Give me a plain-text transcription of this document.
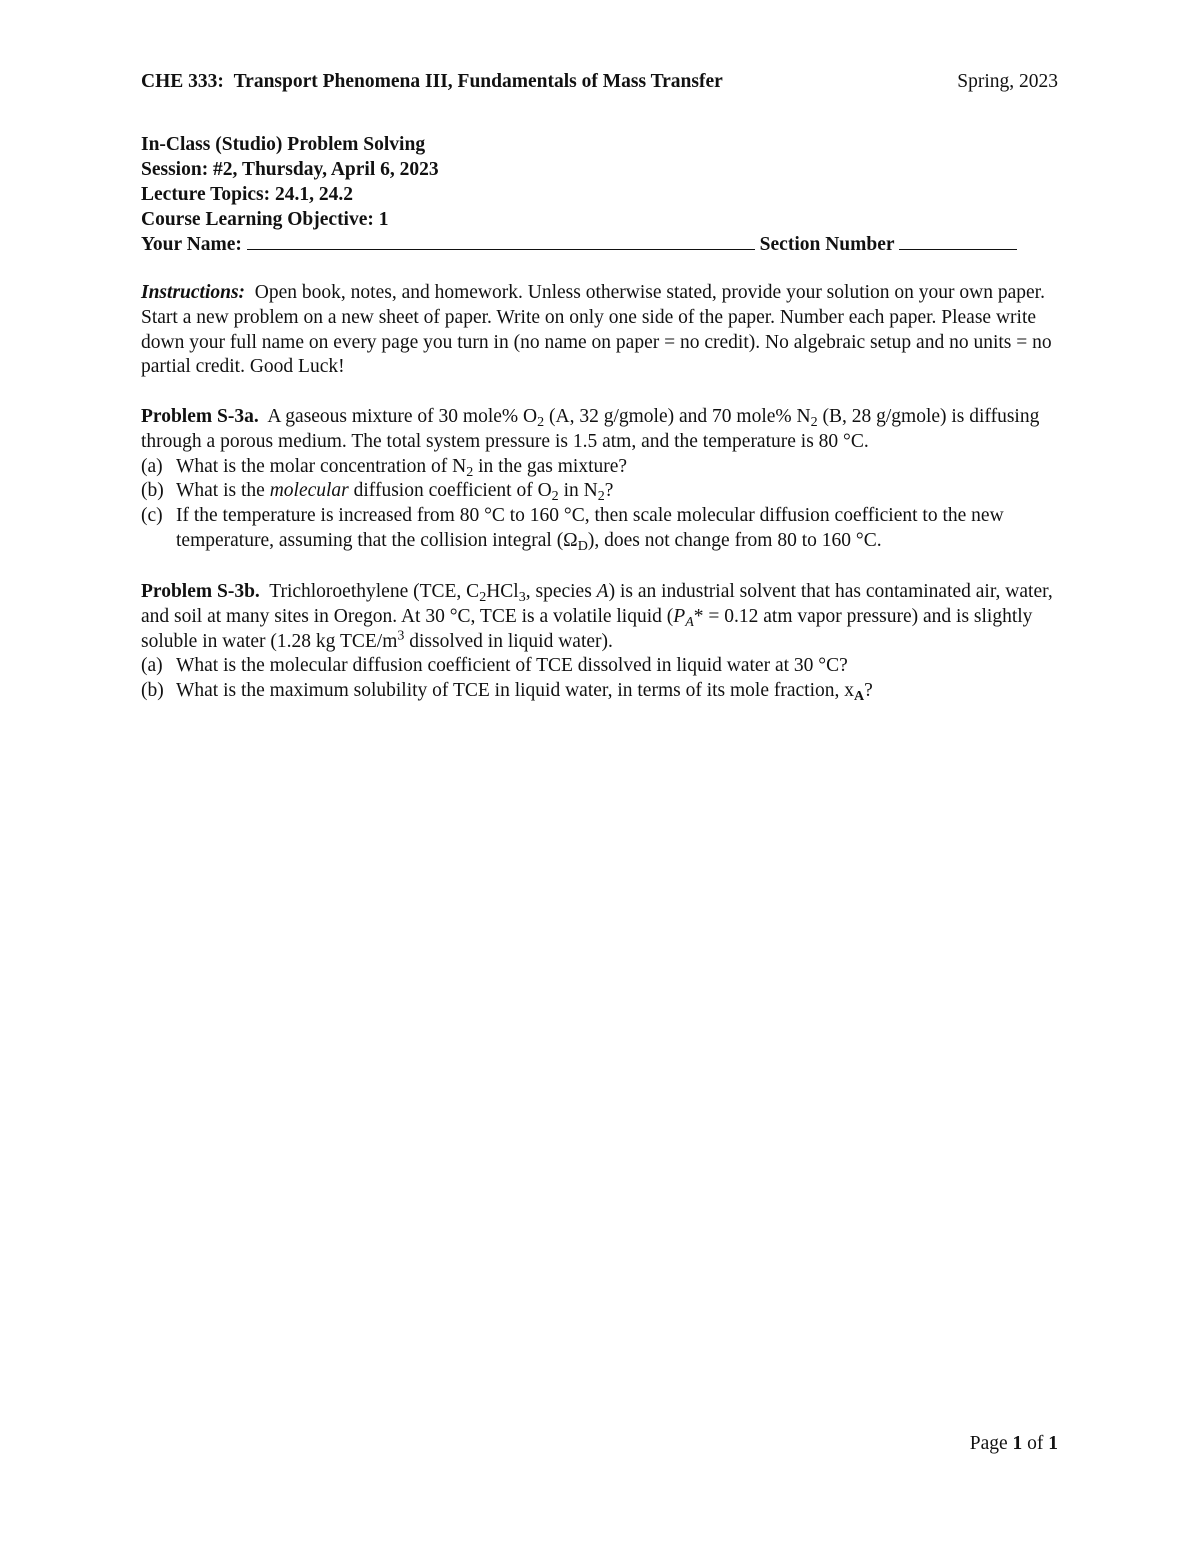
CHE 333: Transport Phenomena III, Fundamentals of Mass Transfer	Spring, 2023
In-Class (Studio) Problem Solving
Session: #2, Thursday, April 6, 2023
Lecture Topics: 24.1, 24.2
Course Learning Objective: 1
Your Name:	Section Number

Instructions: Open book, notes, and homework. Unless otherwise stated, provide your solution on your own paper. Start a new problem on a new sheet of paper. Write on only one side of the paper. Number each paper. Please write down your full name on every page you turn in (no name on paper = no credit). No algebraic setup and no units = no partial credit. Good Luck!

Problem S-3a. A gaseous mixture of 30 mole% $O_2$ (A, 32 g/gmole) and 70 mole% $N_2$ (B, 28 g/gmole) is diffusing through a porous medium. The total system pressure is 1.5 atm, and the temperature is 80 °C.

(a) What is the molar concentration of $N_2$ in the gas mixture?
(b) What is the molecular diffusion coefficient of $O_2$ in $N_2$?
(c) If the temperature is increased from 80 °C to 160 °C, then scale molecular diffusion coefficient to the new temperature, assuming that the collision integral $(\Omega_D)$, does not change from 80 to 160 °C.

Problem S-3b. Trichloroethylene (TCE, $C_2HCl_3$, species A) is an industrial solvent that has contaminated air, water, and soil at many sites in Oregon. At 30 °C, TCE is a volatile liquid ($P_A* = 0.12$ atm vapor pressure) and is slightly soluble in water (1.28 kg TCE/$m^3$ dissolved in liquid water).

(a) What is the molecular diffusion coefficient of TCE dissolved in liquid water at 30 °C?
(b) What is the maximum solubility of TCE in liquid water, in terms of its mole fraction, $x_A$?
Page 1 of 1
